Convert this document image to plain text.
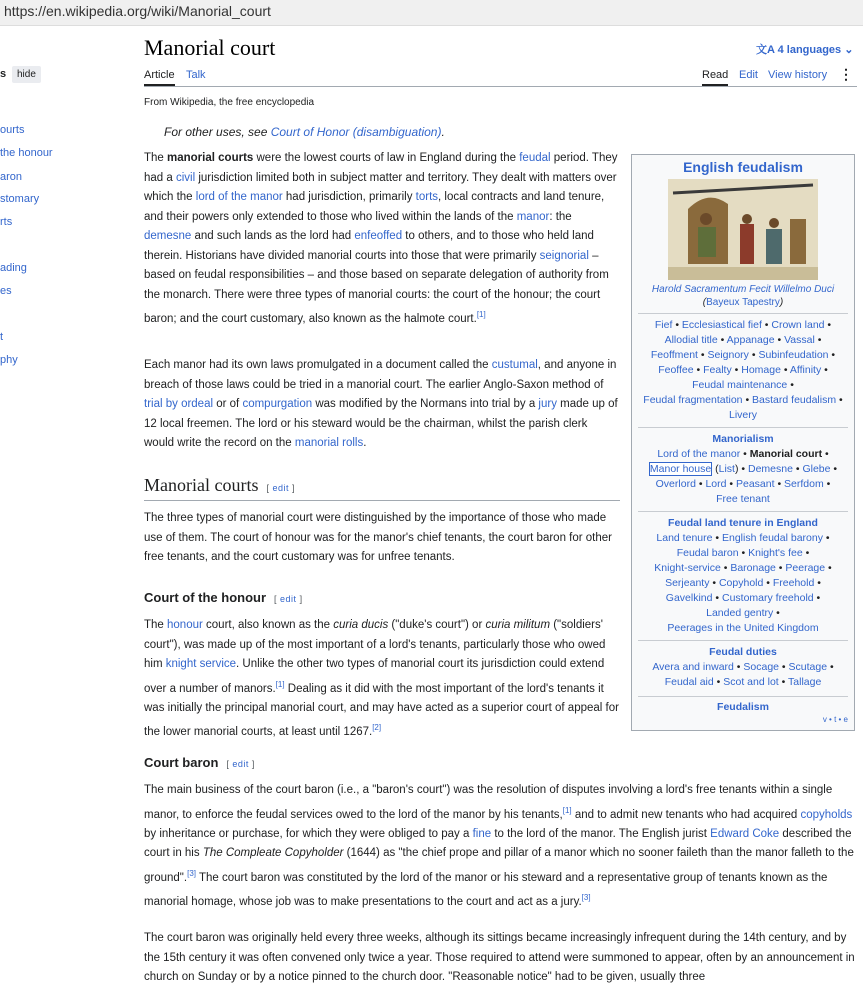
https://en.wikipedia.org/wiki/Manorial_court
s	hide
ourts
the honour
aron
stomary
rts
ading
es
t
phy
Manorial court	文A 4 languages ⌄
Article Talk	Read Edit View history ⋮
From Wikipedia, the free encyclopedia
For other uses, see Court of Honor (disambiguation).
The manorial courts were the lowest courts of law in England during the feudal period. They had a civil jurisdiction limited both in subject matter and territory. They dealt with matters over which the lord of the manor had jurisdiction, primarily torts, local contracts and land tenure, and their powers only extended to those who lived within the lands of the manor: the demesne and such lands as the lord had enfeoffed to others, and to those who held land therein. Historians have divided manorial courts into those that were primarily seignorial – based on feudal responsibilities – and those based on separate delegation of authority from the monarch. There were three types of manorial courts: the court of the honour; the court baron; and the court customary, also known as the halmote court.[1]
Each manor had its own laws promulgated in a document called the custumal, and anyone in breach of those laws could be tried in a manorial court. The earlier Anglo-Saxon method of trial by ordeal or of compurgation was modified by the Normans into trial by a jury made up of 12 local freemen. The lord or his steward would be the chairman, whilst the parish clerk would write the record on the manorial rolls.
Manorial courts [ edit ]
The three types of manorial court were distinguished by the importance of those who made use of them. The court of honour was for the manor's chief tenants, the court baron for other free tenants, and the court customary was for unfree tenants.
Court of the honour [ edit ]
The honour court, also known as the curia ducis ("duke's court") or curia militum ("soldiers' court"), was made up of the most important of a lord's tenants, particularly those who owed him knight service. Unlike the other two types of manorial court its jurisdiction could extend over a number of manors.[1] Dealing as it did with the most important of the lord's tenants it was initially the principal manorial court, and may have acted as a superior court of appeal for the lower manorial courts, at least until 1267.[2]
Court baron [ edit ]
The main business of the court baron (i.e., a "baron's court") was the resolution of disputes involving a lord's free tenants within a single manor, to enforce the feudal services owed to the lord of the manor by his tenants,[1] and to admit new tenants who had acquired copyholds by inheritance or purchase, for which they were obliged to pay a fine to the lord of the manor. The English jurist Edward Coke described the court in his The Compleate Copyholder (1644) as "the chief prope and pillar of a manor which no sooner faileth than the manor falleth to the ground".[3] The court baron was constituted by the lord of the manor or his steward and a representative group of tenants known as the manorial homage, whose job was to make presentations to the court and act as a jury.[3]
The court baron was originally held every three weeks, although its sittings became increasingly infrequent during the 14th century, and by the 15th century it was often convened only twice a year. Those required to attend were summoned to appear, often by an announcement in church on Sunday or by a notice pinned to the church door. "Reasonable notice" had to be given, usually three
English feudalism
Harold Sacramentum Fecit Willelmo Duci
(Bayeux Tapestry)
Fief • Ecclesiastical fief • Crown land •
Allodial title • Appanage • Vassal •
Feoffment • Seignory • Subinfeudation •
Feoffee • Fealty • Homage • Affinity •
Feudal maintenance •
Feudal fragmentation • Bastard feudalism •
Livery
Manorialism
Lord of the manor • Manorial court •
Manor house (List) • Demesne • Glebe •
Overlord • Lord • Peasant • Serfdom •
Free tenant
Feudal land tenure in England
Land tenure • English feudal barony •
Feudal baron • Knight's fee •
Knight-service • Baronage • Peerage •
Serjeanty • Copyhold • Freehold •
Gavelkind • Customary freehold •
Landed gentry •
Peerages in the United Kingdom
Feudal duties
Avera and inward • Socage • Scutage •
Feudal aid • Scot and lot • Tallage
Feudalism
v • t • e
